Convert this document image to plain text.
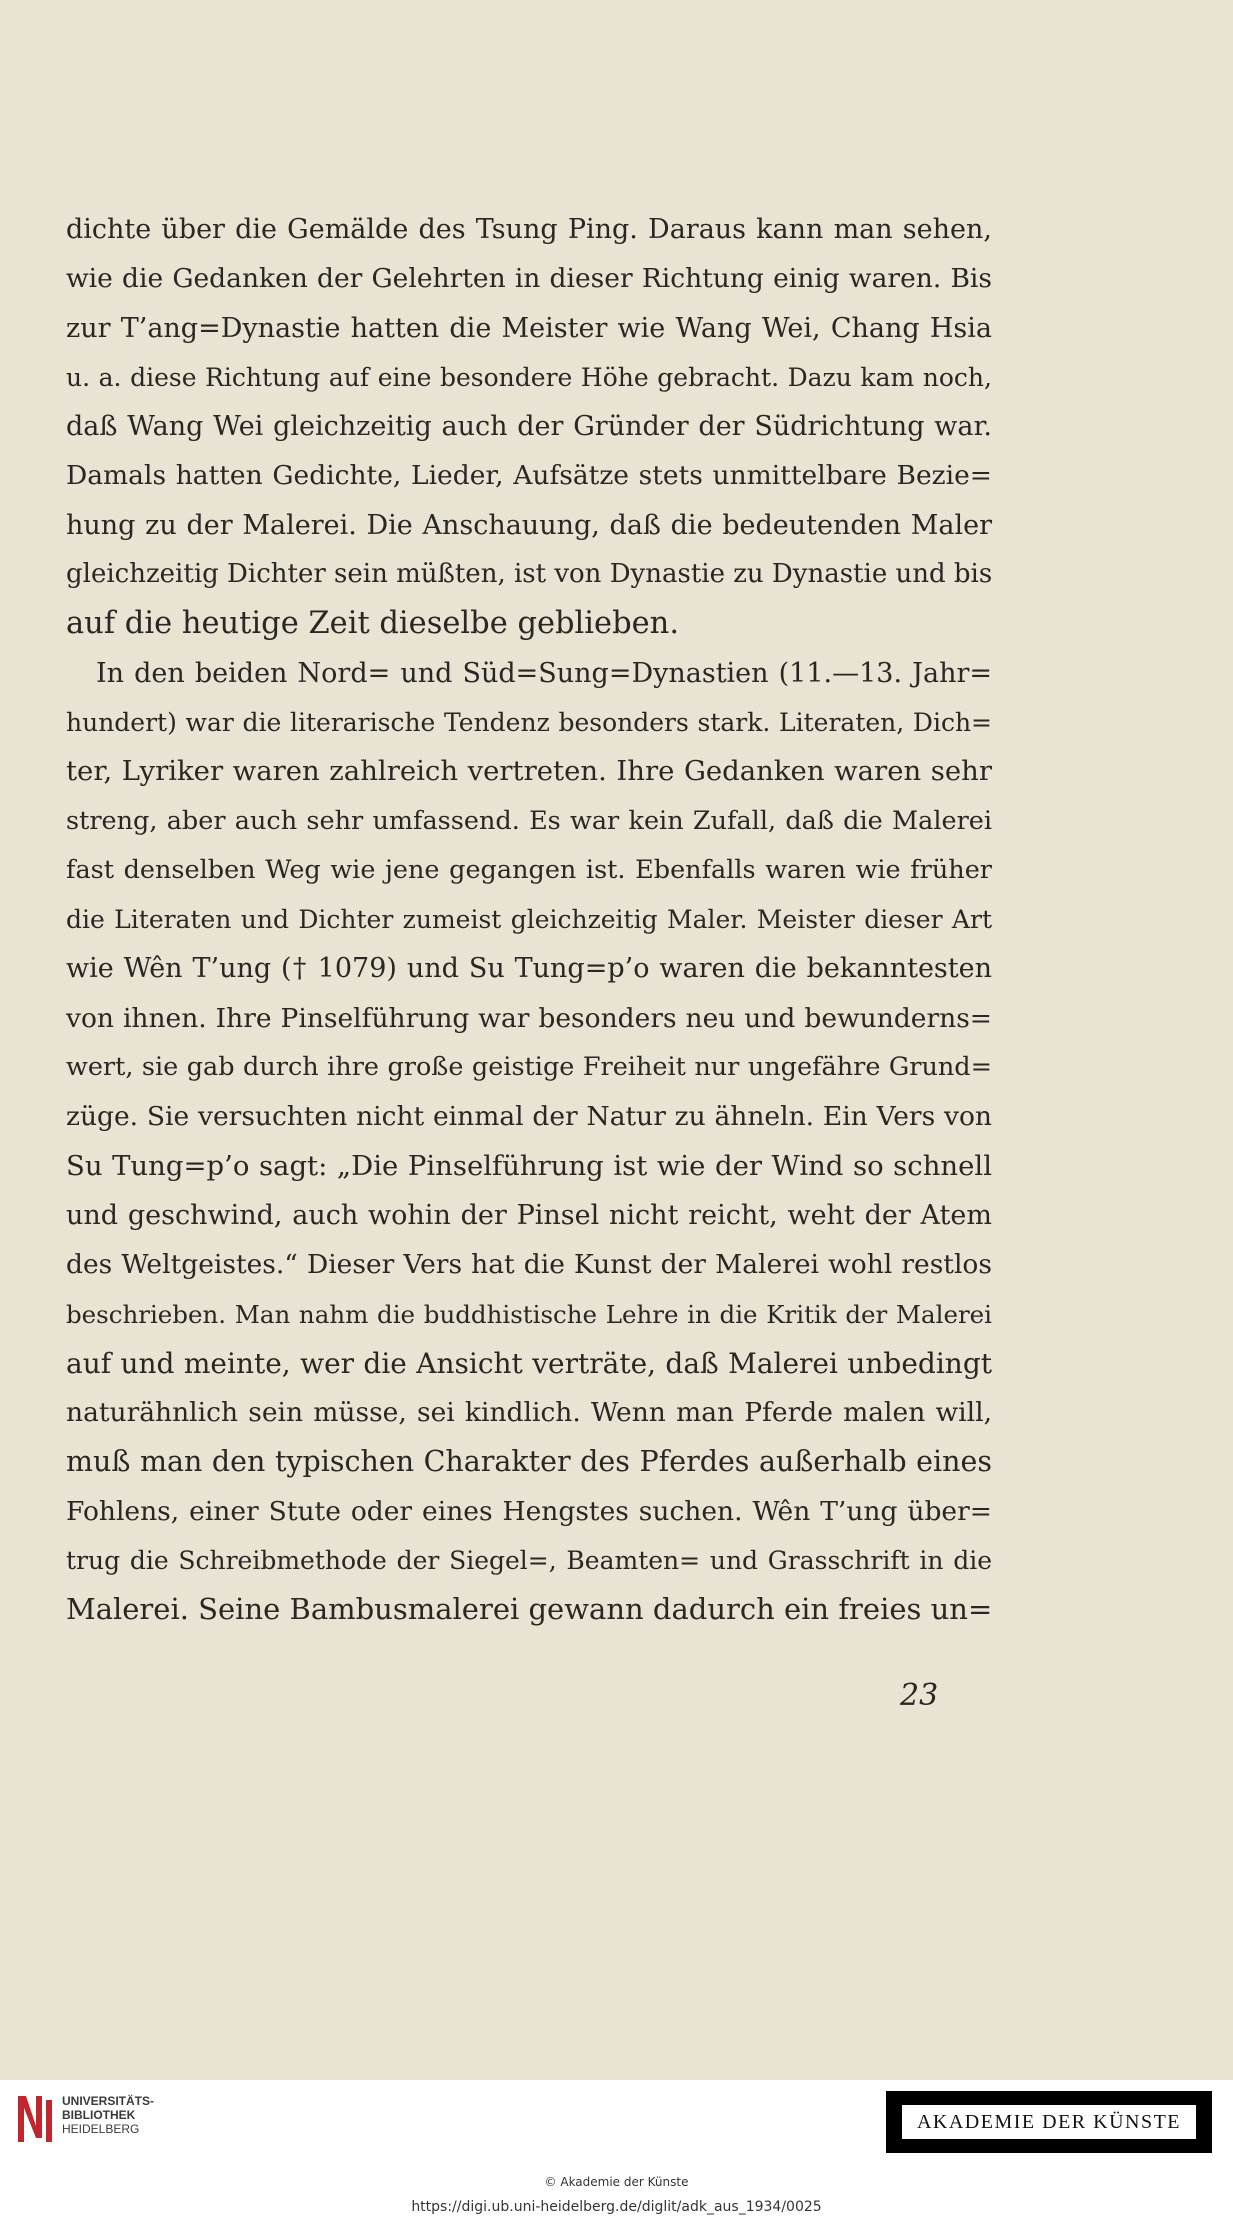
dichte über die Gemälde des Tsung Ping. Daraus kann man sehen,
wie die Gedanken der Gelehrten in dieser Richtung einig waren. Bis
zur T’ang=Dynastie hatten die Meister wie Wang Wei, Chang Hsia
u. a. diese Richtung auf eine besondere Höhe gebracht. Dazu kam noch,
daß Wang Wei gleichzeitig auch der Gründer der Südrichtung war.
Damals hatten Gedichte, Lieder, Aufsätze stets unmittelbare Bezie=
hung zu der Malerei. Die Anschauung, daß die bedeutenden Maler
gleichzeitig Dichter sein müßten, ist von Dynastie zu Dynastie und bis
auf die heutige Zeit dieselbe geblieben.
In den beiden Nord= und Süd=Sung=Dynastien (11.—13. Jahr=
hundert) war die literarische Tendenz besonders stark. Literaten, Dich=
ter, Lyriker waren zahlreich vertreten. Ihre Gedanken waren sehr
streng, aber auch sehr umfassend. Es war kein Zufall, daß die Malerei
fast denselben Weg wie jene gegangen ist. Ebenfalls waren wie früher
die Literaten und Dichter zumeist gleichzeitig Maler. Meister dieser Art
wie Wên T’ung († 1079) und Su Tung=p’o waren die bekanntesten
von ihnen. Ihre Pinselführung war besonders neu und bewunderns=
wert, sie gab durch ihre große geistige Freiheit nur ungefähre Grund=
züge. Sie versuchten nicht einmal der Natur zu ähneln. Ein Vers von
Su Tung=p’o sagt: „Die Pinselführung ist wie der Wind so schnell
und geschwind, auch wohin der Pinsel nicht reicht, weht der Atem
des Weltgeistes.“ Dieser Vers hat die Kunst der Malerei wohl restlos
beschrieben. Man nahm die buddhistische Lehre in die Kritik der Malerei
auf und meinte, wer die Ansicht verträte, daß Malerei unbedingt
naturähnlich sein müsse, sei kindlich. Wenn man Pferde malen will,
muß man den typischen Charakter des Pferdes außerhalb eines
Fohlens, einer Stute oder eines Hengstes suchen. Wên T’ung über=
trug die Schreibmethode der Siegel=, Beamten= und Grasschrift in die
Malerei. Seine Bambusmalerei gewann dadurch ein freies un=
23
UNIVERSITÄTS-
BIBLIOTHEK
HEIDELBERG	AKADEMIE DER KÜNSTE
© Akademie der Künste
https://digi.ub.uni-heidelberg.de/diglit/adk_aus_1934/0025
